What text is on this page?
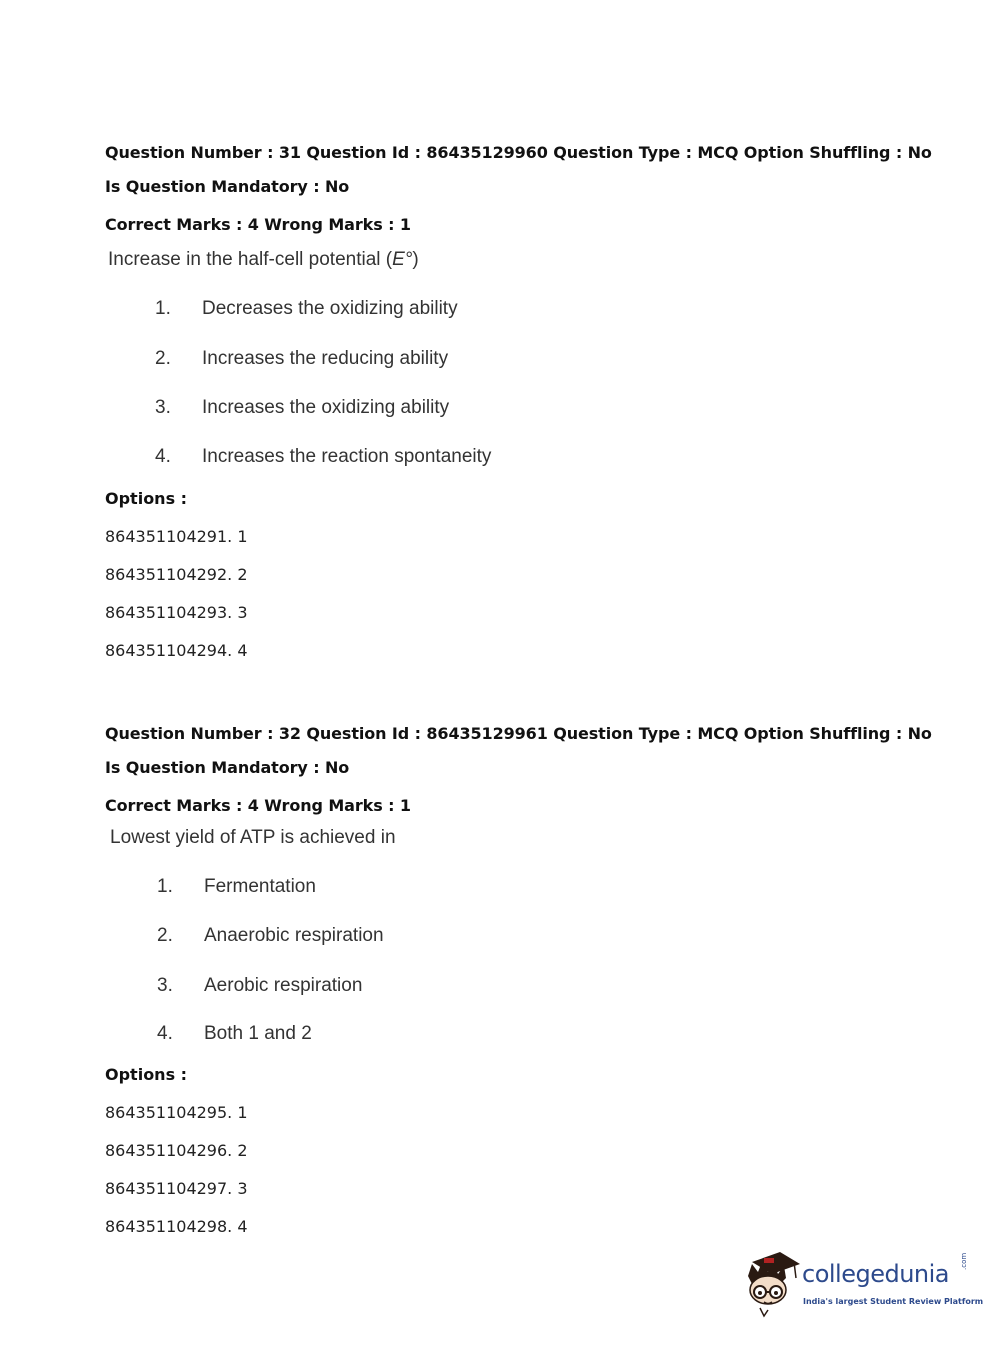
Question Number : 31 Question Id : 86435129960 Question Type : MCQ Option Shuffling : No
Is Question Mandatory : No
Correct Marks : 4 Wrong Marks : 1
Increase in the half-cell potential (E°)
1. Decreases the oxidizing ability
2. Increases the reducing ability
3. Increases the oxidizing ability
4. Increases the reaction spontaneity
Options :
864351104291. 1
864351104292. 2
864351104293. 3
864351104294. 4
Question Number : 32 Question Id : 86435129961 Question Type : MCQ Option Shuffling : No
Is Question Mandatory : No
Correct Marks : 4 Wrong Marks : 1
Lowest yield of ATP is achieved in
1. Fermentation
2. Anaerobic respiration
3. Aerobic respiration
4. Both 1 and 2
Options :
864351104295. 1
864351104296. 2
864351104297. 3
864351104298. 4
collegedunia .com
India's largest Student Review Platform
